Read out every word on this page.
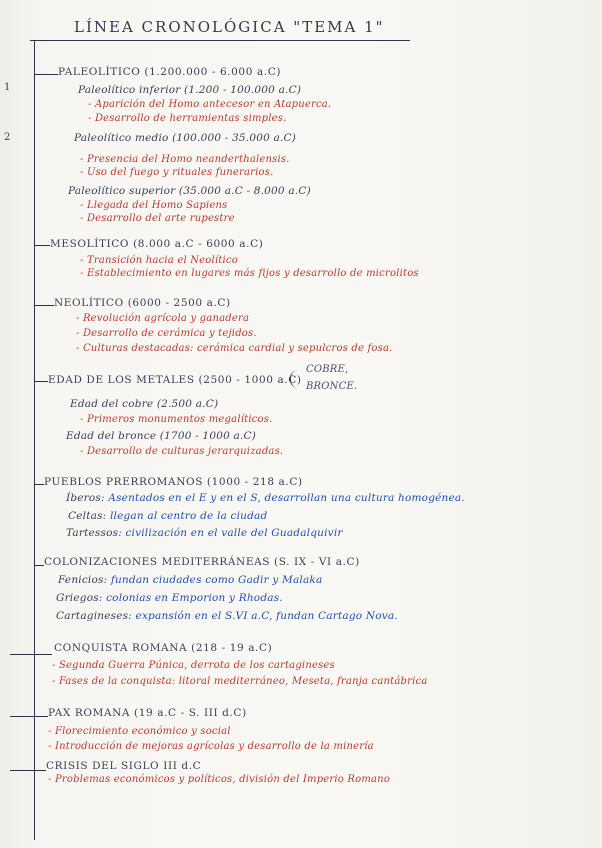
LÍNEA CRONOLÓGICA "TEMA 1"
1
2
PALEOLÍTICO (1.200.000 - 6.000 a.C)
Paleolítico inferior (1.200 - 100.000 a.C)
- Aparición del Homo antecesor en Atapuerca.
- Desarrollo de herramientas simples.
Paleolítico medio (100.000 - 35.000 a.C)
- Presencia del Homo neanderthalensis.
- Uso del fuego y rituales funerarios.
Paleolítico superior (35.000 a.C - 8.000 a.C)
- Llegada del Homo Sapiens
- Desarrollo del arte rupestre
MESOLÍTICO (8.000 a.C - 6000 a.C)
- Transición hacia el Neolítico
- Establecimiento en lugares más fijos y desarrollo de microlitos
NEOLÍTICO (6000 - 2500 a.C)
- Revolución agrícola y ganadera
- Desarrollo de cerámica y tejidos.
- Culturas destacadas: cerámica cardial y sepulcros de fosa.
EDAD DE LOS METALES (2500 - 1000 a.C)
COBRE,
BRONCE.
Edad del cobre (2.500 a.C)
- Primeros monumentos megalíticos.
Edad del bronce (1700 - 1000 a.C)
- Desarrollo de culturas jerarquizadas.
PUEBLOS PRERROMANOS (1000 - 218 a.C)
Íberos: Asentados en el E y en el S, desarrollan una cultura homogénea.
Celtas: llegan al centro de la ciudad
Tartessos: civilización en el valle del Guadalquivir
COLONIZACIONES MEDITERRÁNEAS (S. IX - VI a.C)
Fenicios: fundan ciudades como Gadir y Malaka
Griegos: colonias en Emporion y Rhodas.
Cartagineses: expansión en el S.VI a.C, fundan Cartago Nova.
CONQUISTA ROMANA (218 - 19 a.C)
- Segunda Guerra Púnica, derrota de los cartagineses
- Fases de la conquista: litoral mediterráneo, Meseta, franja cantábrica
PAX ROMANA (19 a.C - S. III d.C)
- Florecimiento económico y social
- Introducción de mejoras agrícolas y desarrollo de la minería
CRISIS DEL SIGLO III d.C
- Problemas económicos y políticos, división del Imperio Romano
